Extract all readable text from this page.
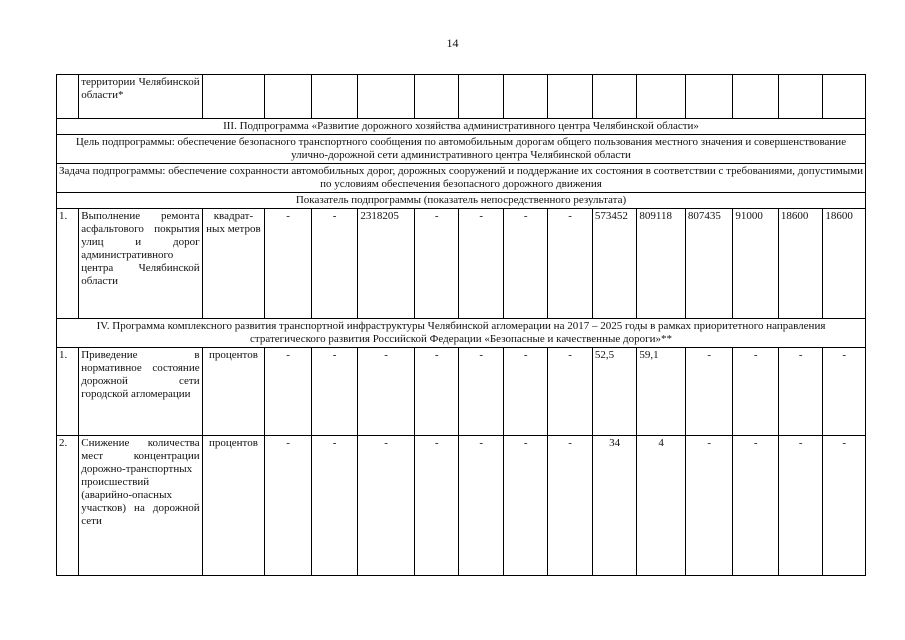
14
	территории Челябинской области*														
III. Подпрограмма «Развитие дорожного хозяйства административного центра Челябинской области»															
Цель подпрограммы: обеспечение безопасного транспортного сообщения по автомобильным дорогам общего пользования местного значения и совершенствование улично-дорожной сети административного центра Челябинской области															
Задача подпрограммы: обеспечение сохранности автомобильных дорог, дорожных сооружений и поддержание их состояния в соответствии с требованиями, допустимыми по условиям обеспечения безопасного дорожного движения															
Показатель подпрограммы (показатель непосредственного результата)															
1.	Выполнение ремонта асфальтового покрытия улиц и дорог административного центра Челябинской области	квадрат-ных метров	-	-	2318205	-	-	-	-	573452	809118	807435	91000	18600	18600
IV. Программа комплексного развития транспортной инфраструктуры Челябинской агломерации на 2017 – 2025 годы в рамках приоритетного направления стратегического развития Российской Федерации «Безопасные и качественные дороги»**															
1.	Приведение в нормативное состояние дорожной сети городской агломерации	процентов	-	-	-	-	-	-	-	52,5	59,1	-	-	-	-
2.	Снижение количества мест концентрации дорожно-транспортных происшествий (аварийно-опасных участков) на дорожной сети	процентов	-	-	-	-	-	-	-	34	4	-	-	-	-
